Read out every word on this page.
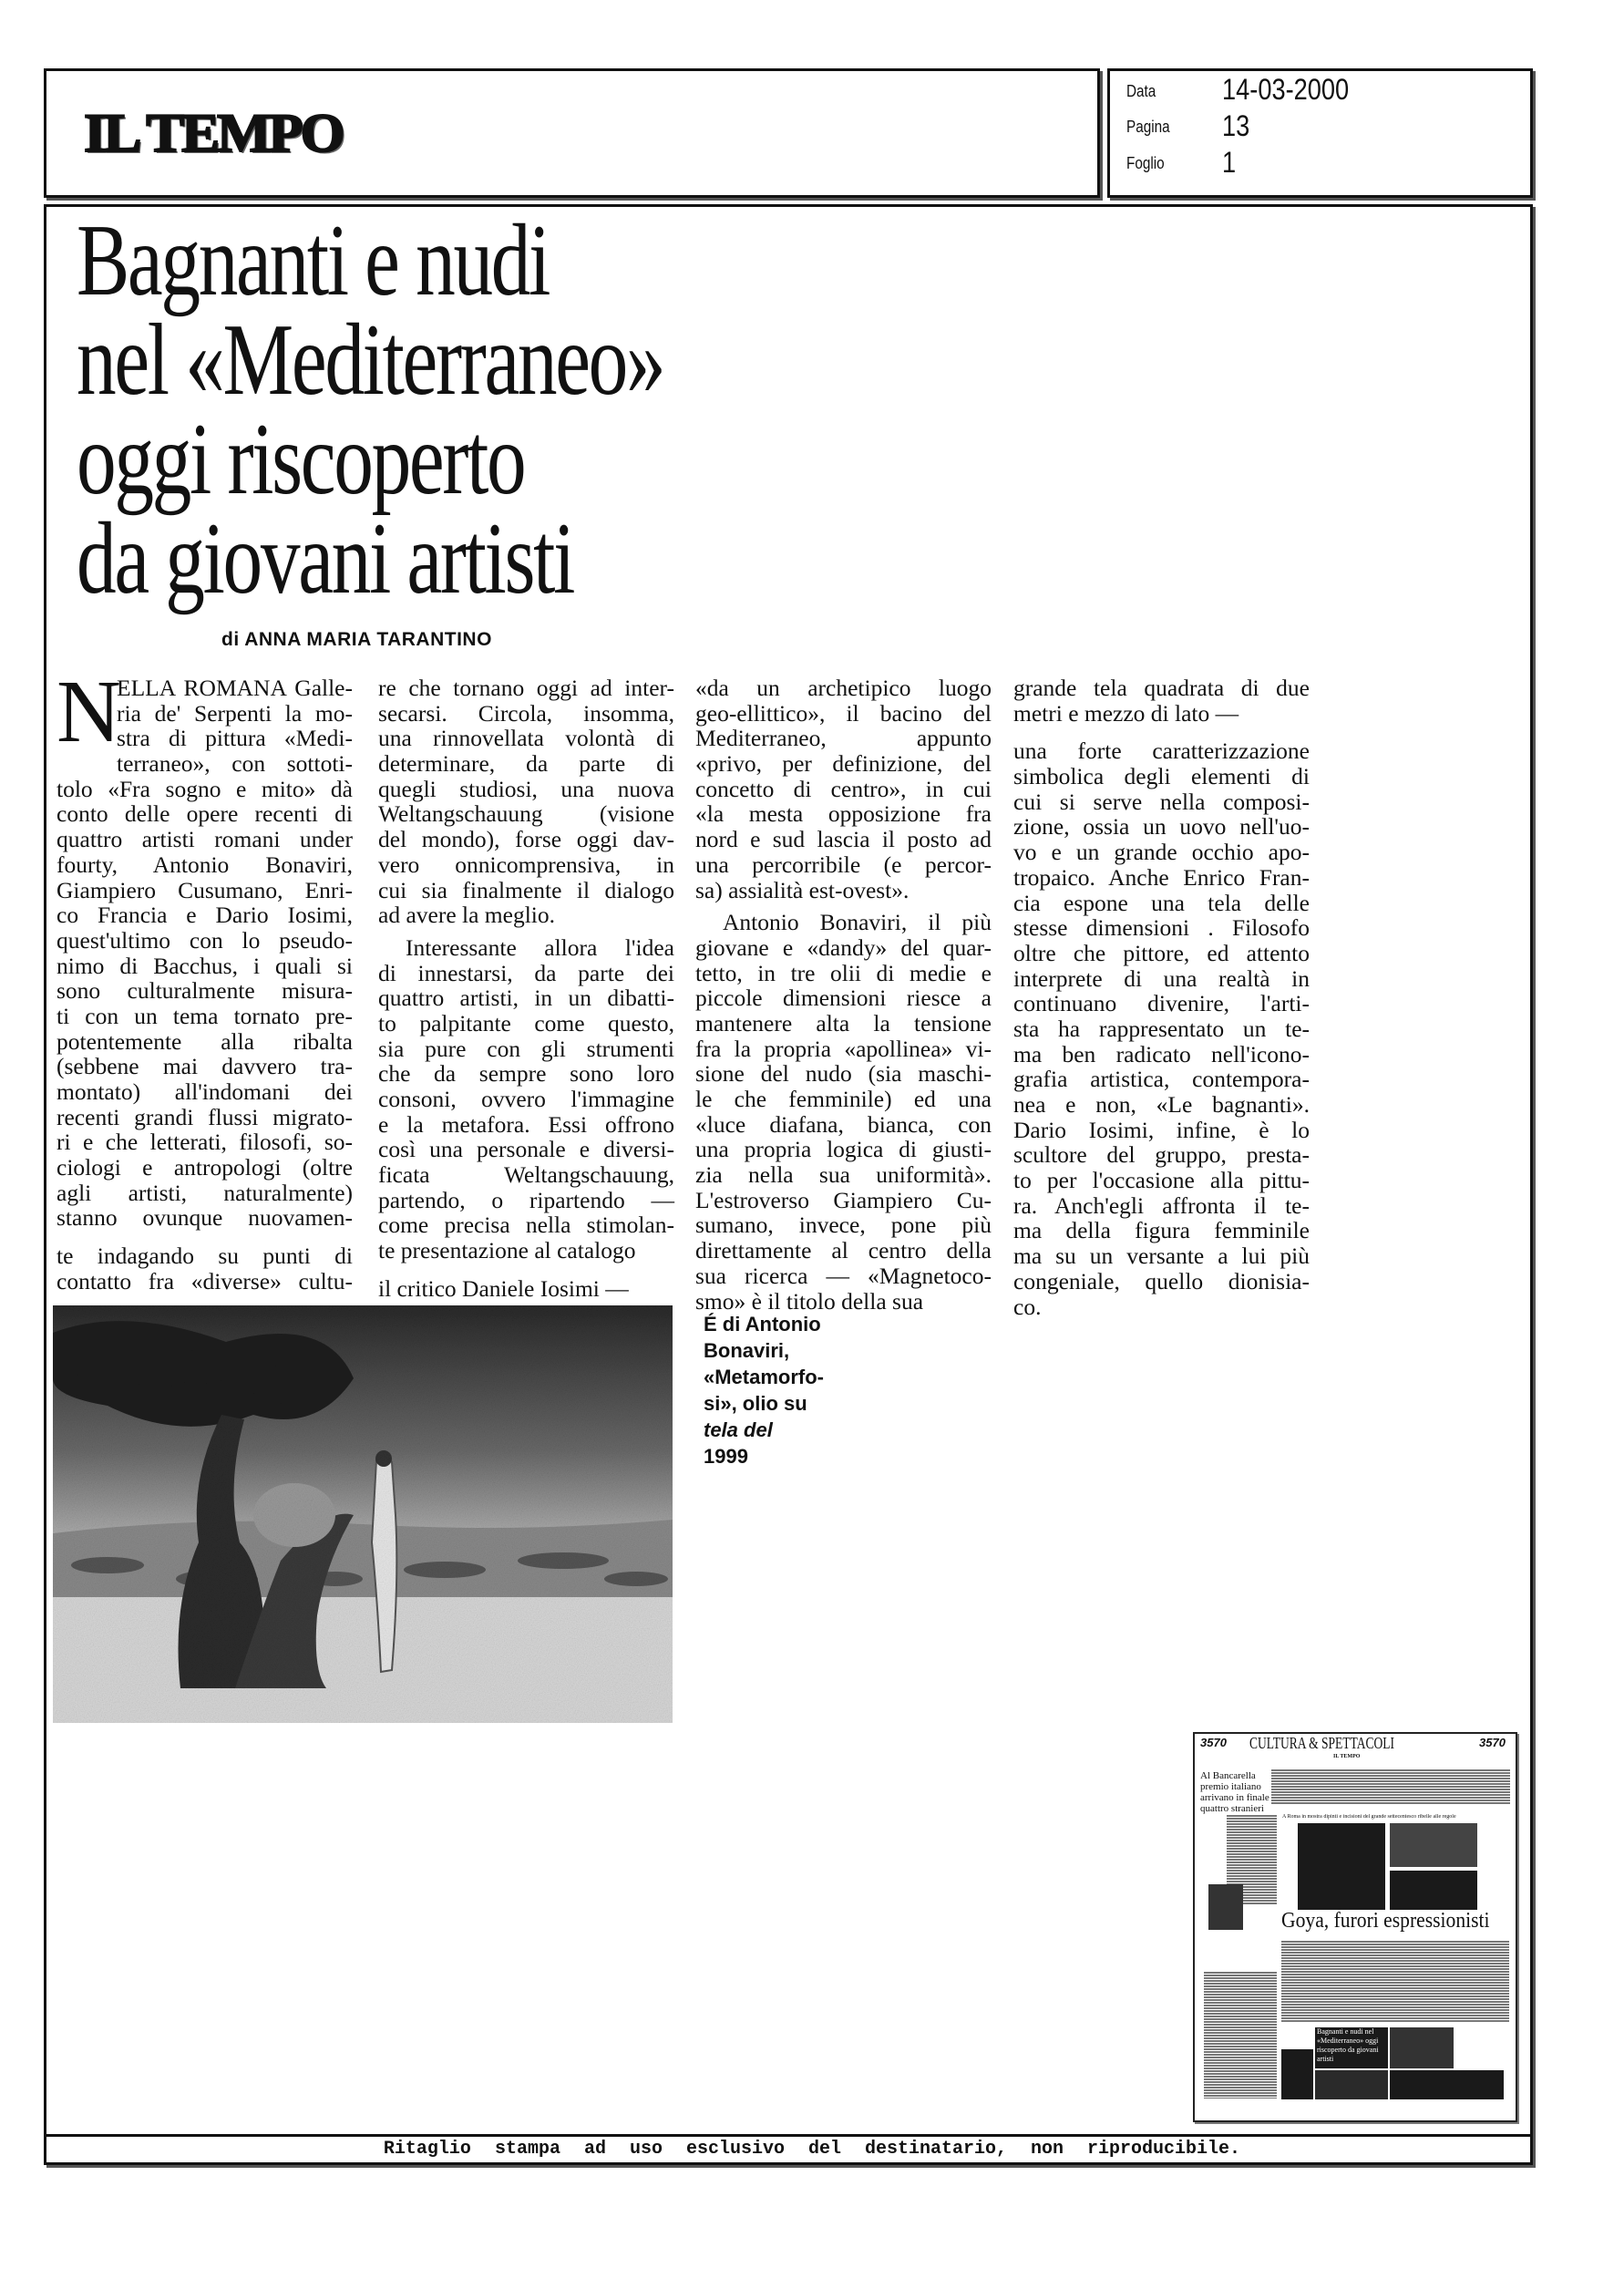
IL TEMPO
Data 14-03-2000
Pagina 13
Foglio 1
Bagnanti e nudi
nel «Mediterraneo»
oggi riscoperto
da giovani artisti
di ANNA MARIA TARANTINO
N
ELLA ROMANA Galle-
ria de' Serpenti la mo-
stra di pittura «Medi-
terraneo», con sottoti-
tolo «Fra sogno e mito» dà
conto delle opere recenti di
quattro artisti romani under
fourty, Antonio Bonaviri,
Giampiero Cusumano, Enri-
co Francia e Dario Iosimi,
quest'ultimo con lo pseudo-
nimo di Bacchus, i quali si
sono culturalmente misura-
ti con un tema tornato pre-
potentemente alla ribalta
(sebbene mai davvero tra-
montato) all'indomani dei
recenti grandi flussi migrato-
ri e che letterati, filosofi, so-
ciologi e antropologi (oltre
agli artisti, naturalmente)
stanno ovunque nuovamen-
te indagando su punti di
contatto fra «diverse» cultu-
re che tornano oggi ad inter-
secarsi. Circola, insomma,
una rinnovellata volontà di
determinare, da parte di
quegli studiosi, una nuova
Weltangschauung (visione
del mondo), forse oggi dav-
vero onnicomprensiva, in
cui sia finalmente il dialogo
ad avere la meglio.
Interessante allora l'idea
di innestarsi, da parte dei
quattro artisti, in un dibatti-
to palpitante come questo,
sia pure con gli strumenti
che da sempre sono loro
consoni, ovvero l'immagine
e la metafora. Essi offrono
così una personale e diversi-
ficata Weltangschauung,
partendo, o ripartendo —
come precisa nella stimolan-
te presentazione al catalogo
il critico Daniele Iosimi —
«da un archetipico luogo
geo-ellittico», il bacino del
Mediterraneo, appunto
«privo, per definizione, del
concetto di centro», in cui
«la mesta opposizione fra
nord e sud lascia il posto ad
una percorribile (e percor-
sa) assialità est-ovest».
Antonio Bonaviri, il più
giovane e «dandy» del quar-
tetto, in tre olii di medie e
piccole dimensioni riesce a
mantenere alta la tensione
fra la propria «apollinea» vi-
sione del nudo (sia maschi-
le che femminile) ed una
«luce diafana, bianca, con
una propria logica di giusti-
zia nella sua uniformità».
L'estroverso Giampiero Cu-
sumano, invece, pone più
direttamente al centro della
sua ricerca — «Magnetoco-
smo» è il titolo della sua
grande tela quadrata di due
metri e mezzo di lato —
una forte caratterizzazione
simbolica degli elementi di
cui si serve nella composi-
zione, ossia un uovo nell'uo-
vo e un grande occhio apo-
tropaico. Anche Enrico Fran-
cia espone una tela delle
stesse dimensioni . Filosofo
oltre che pittore, ed attento
interprete di una realtà in
continuano divenire, l'arti-
sta ha rappresentato un te-
ma ben radicato nell'icono-
grafia artistica, contempora-
nea e non, «Le bagnanti».
Dario Iosimi, infine, è lo
scultore del gruppo, presta-
to per l'occasione alla pittu-
ra. Anch'egli affronta il te-
ma della figura femminile
ma su un versante a lui più
congeniale, quello dionisia-
co.
É di Antonio
Bonaviri,
«Metamorfo-
si», olio su
tela del
1999
3570 CULTURA & SPETTACOLI	3570
IL TEMPO
Al Bancarella premio italiano arrivano in finale quattro stranieri
A Roma in mostra dipinti e incisioni del grande settecentesco ribelle alle regole
Goya, furori espressionisti
Bagnanti e nudi nel «Mediterraneo» oggi riscoperto da giovani artisti
Ritaglio stampa ad uso esclusivo del destinatario, non riproducibile.
